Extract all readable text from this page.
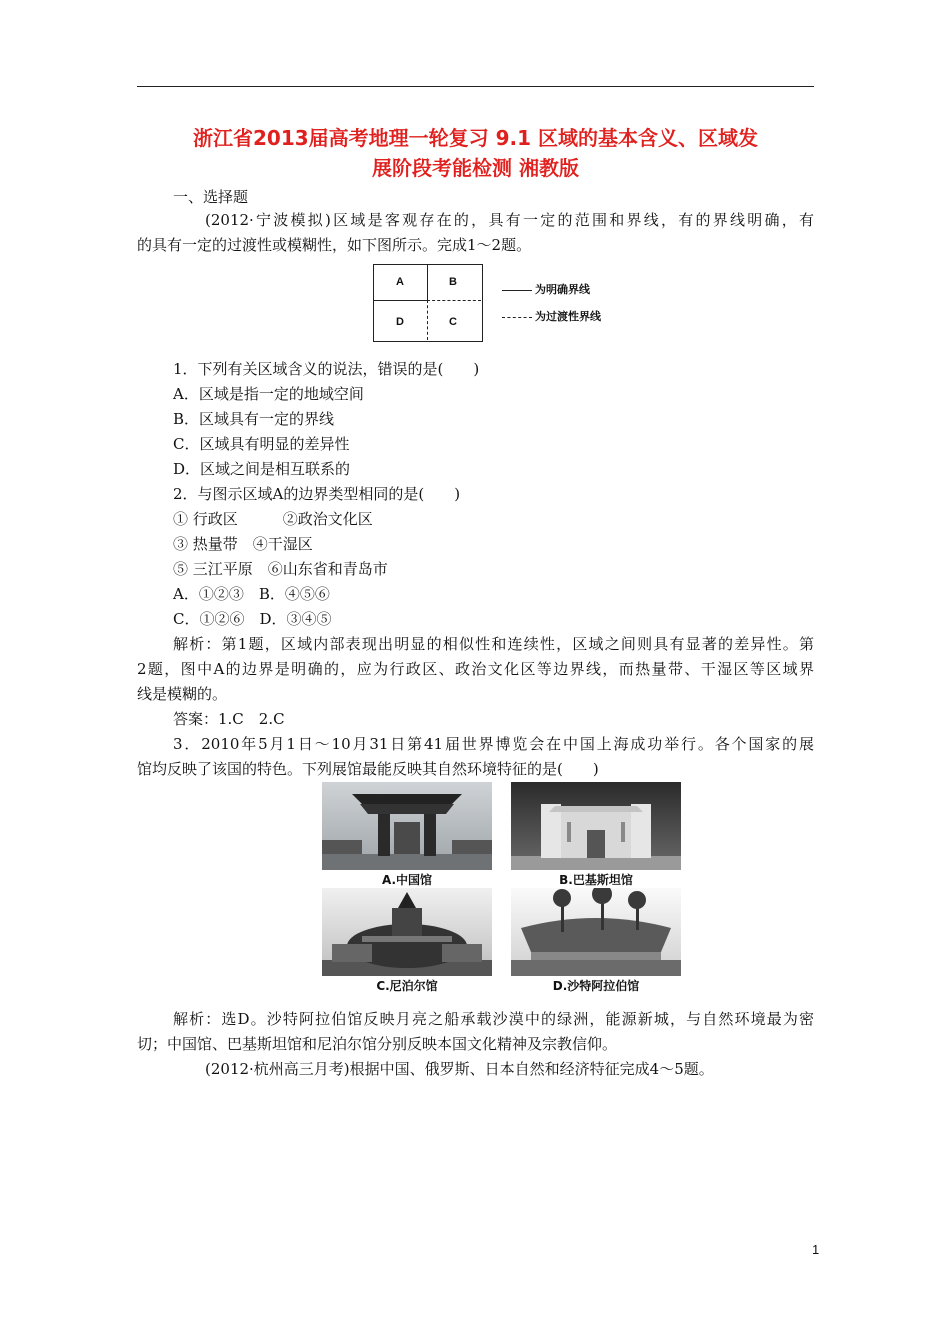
浙江省2013届高考地理一轮复习 9.1 区域的基本含义、区域发
展阶段考能检测 湘教版
一、选择题
(2012·宁波模拟)区域是客观存在的，具有一定的范围和界线，有的界线明确，有
的具有一定的过渡性或模糊性，如下图所示。完成1～2题。
A	B
D	C
为明确界线
为过渡性界线
1．下列有关区域含义的说法，错误的是(　　)
A．区域是指一定的地域空间
B．区域具有一定的界线
C．区域具有明显的差异性
D．区域之间是相互联系的
2．与图示区域A的边界类型相同的是(　　)
① 行政区　　　②政治文化区
③ 热量带　④干湿区
⑤ 三江平原　⑥山东省和青岛市
A．①②③　B．④⑤⑥
C．①②⑥　D．③④⑤
解析：第1题，区域内部表现出明显的相似性和连续性，区域之间则具有显著的差异性。第
2题，图中A的边界是明确的，应为行政区、政治文化区等边界线，而热量带、干湿区等区域界
线是模糊的。
答案：1.C　2.C
3．2010年5月1日～10月31日第41届世界博览会在中国上海成功举行。各个国家的展
馆均反映了该国的特色。下列展馆最能反映其自然环境特征的是(　　)
A.中国馆	B.巴基斯坦馆
C.尼泊尔馆	D.沙特阿拉伯馆
解析：选D。沙特阿拉伯馆反映月亮之船承载沙漠中的绿洲，能源新城，与自然环境最为密
切；中国馆、巴基斯坦馆和尼泊尔馆分别反映本国文化精神及宗教信仰。
(2012·杭州高三月考)根据中国、俄罗斯、日本自然和经济特征完成4～5题。
1
